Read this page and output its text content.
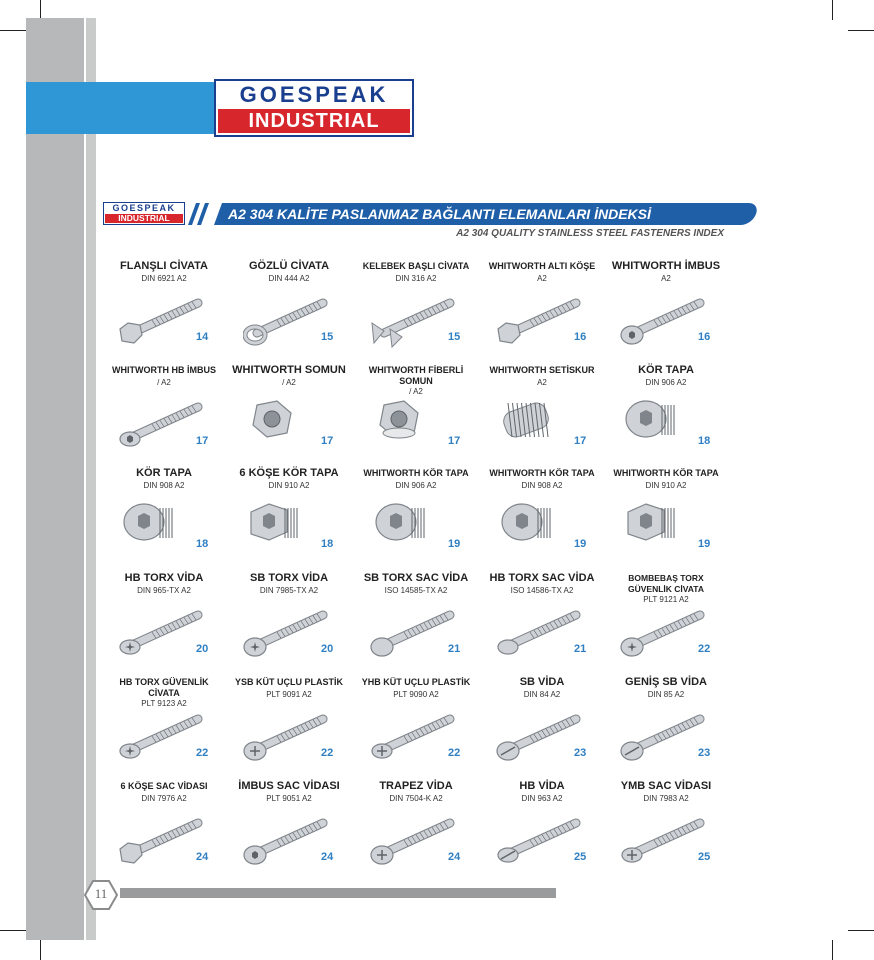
GOESPEAK
INDUSTRIAL
GOESPEAK
INDUSTRIAL	A2 304 KALİTE PASLANMAZ BAĞLANTI ELEMANLARI İNDEKSİ
A2 304 QUALITY STAINLESS STEEL FASTENERS INDEX
FLANŞLI CİVATA
DIN 6921 A2
14
GÖZLÜ CİVATA
DIN 444 A2
15
KELEBEK BAŞLI CİVATA
DIN 316 A2
15
WHITWORTH ALTI KÖŞE
A2
16
WHITWORTH İMBUS
A2
16
WHITWORTH HB İMBUS
/ A2
17
WHITWORTH SOMUN
/ A2
17
WHITWORTH FİBERLİ SOMUN
/ A2
17
WHITWORTH SETİSKUR
A2
17
KÖR TAPA
DIN 906 A2
18
KÖR TAPA
DIN 908 A2
18
6 KÖŞE KÖR TAPA
DIN 910 A2
18
WHITWORTH KÖR TAPA
DIN 906 A2
19
WHITWORTH KÖR TAPA
DIN 908 A2
19
WHITWORTH KÖR TAPA
DIN 910 A2
19
HB TORX VİDA
DIN 965-TX A2
20
SB TORX VİDA
DIN 7985-TX A2
20
SB TORX SAC VİDA
ISO 14585-TX A2
21
HB TORX SAC VİDA
ISO 14586-TX A2
21
BOMBEBAŞ TORX GÜVENLİK CİVATA
PLT 9121 A2
22
HB TORX GÜVENLİK CİVATA
PLT 9123 A2
22
YSB KÜT UÇLU PLASTİK
PLT 9091 A2
22
YHB KÜT UÇLU PLASTİK
PLT 9090 A2
22
SB VİDA
DIN 84 A2
23
GENİŞ SB VİDA
DIN 85 A2
23
6 KÖŞE SAC VİDASI
DIN 7976 A2
24
İMBUS SAC VİDASI
PLT 9051 A2
24
TRAPEZ VİDA
DIN 7504-K A2
24
HB VİDA
DIN 963 A2
25
YMB SAC VİDASI
DIN 7983 A2
25
11
